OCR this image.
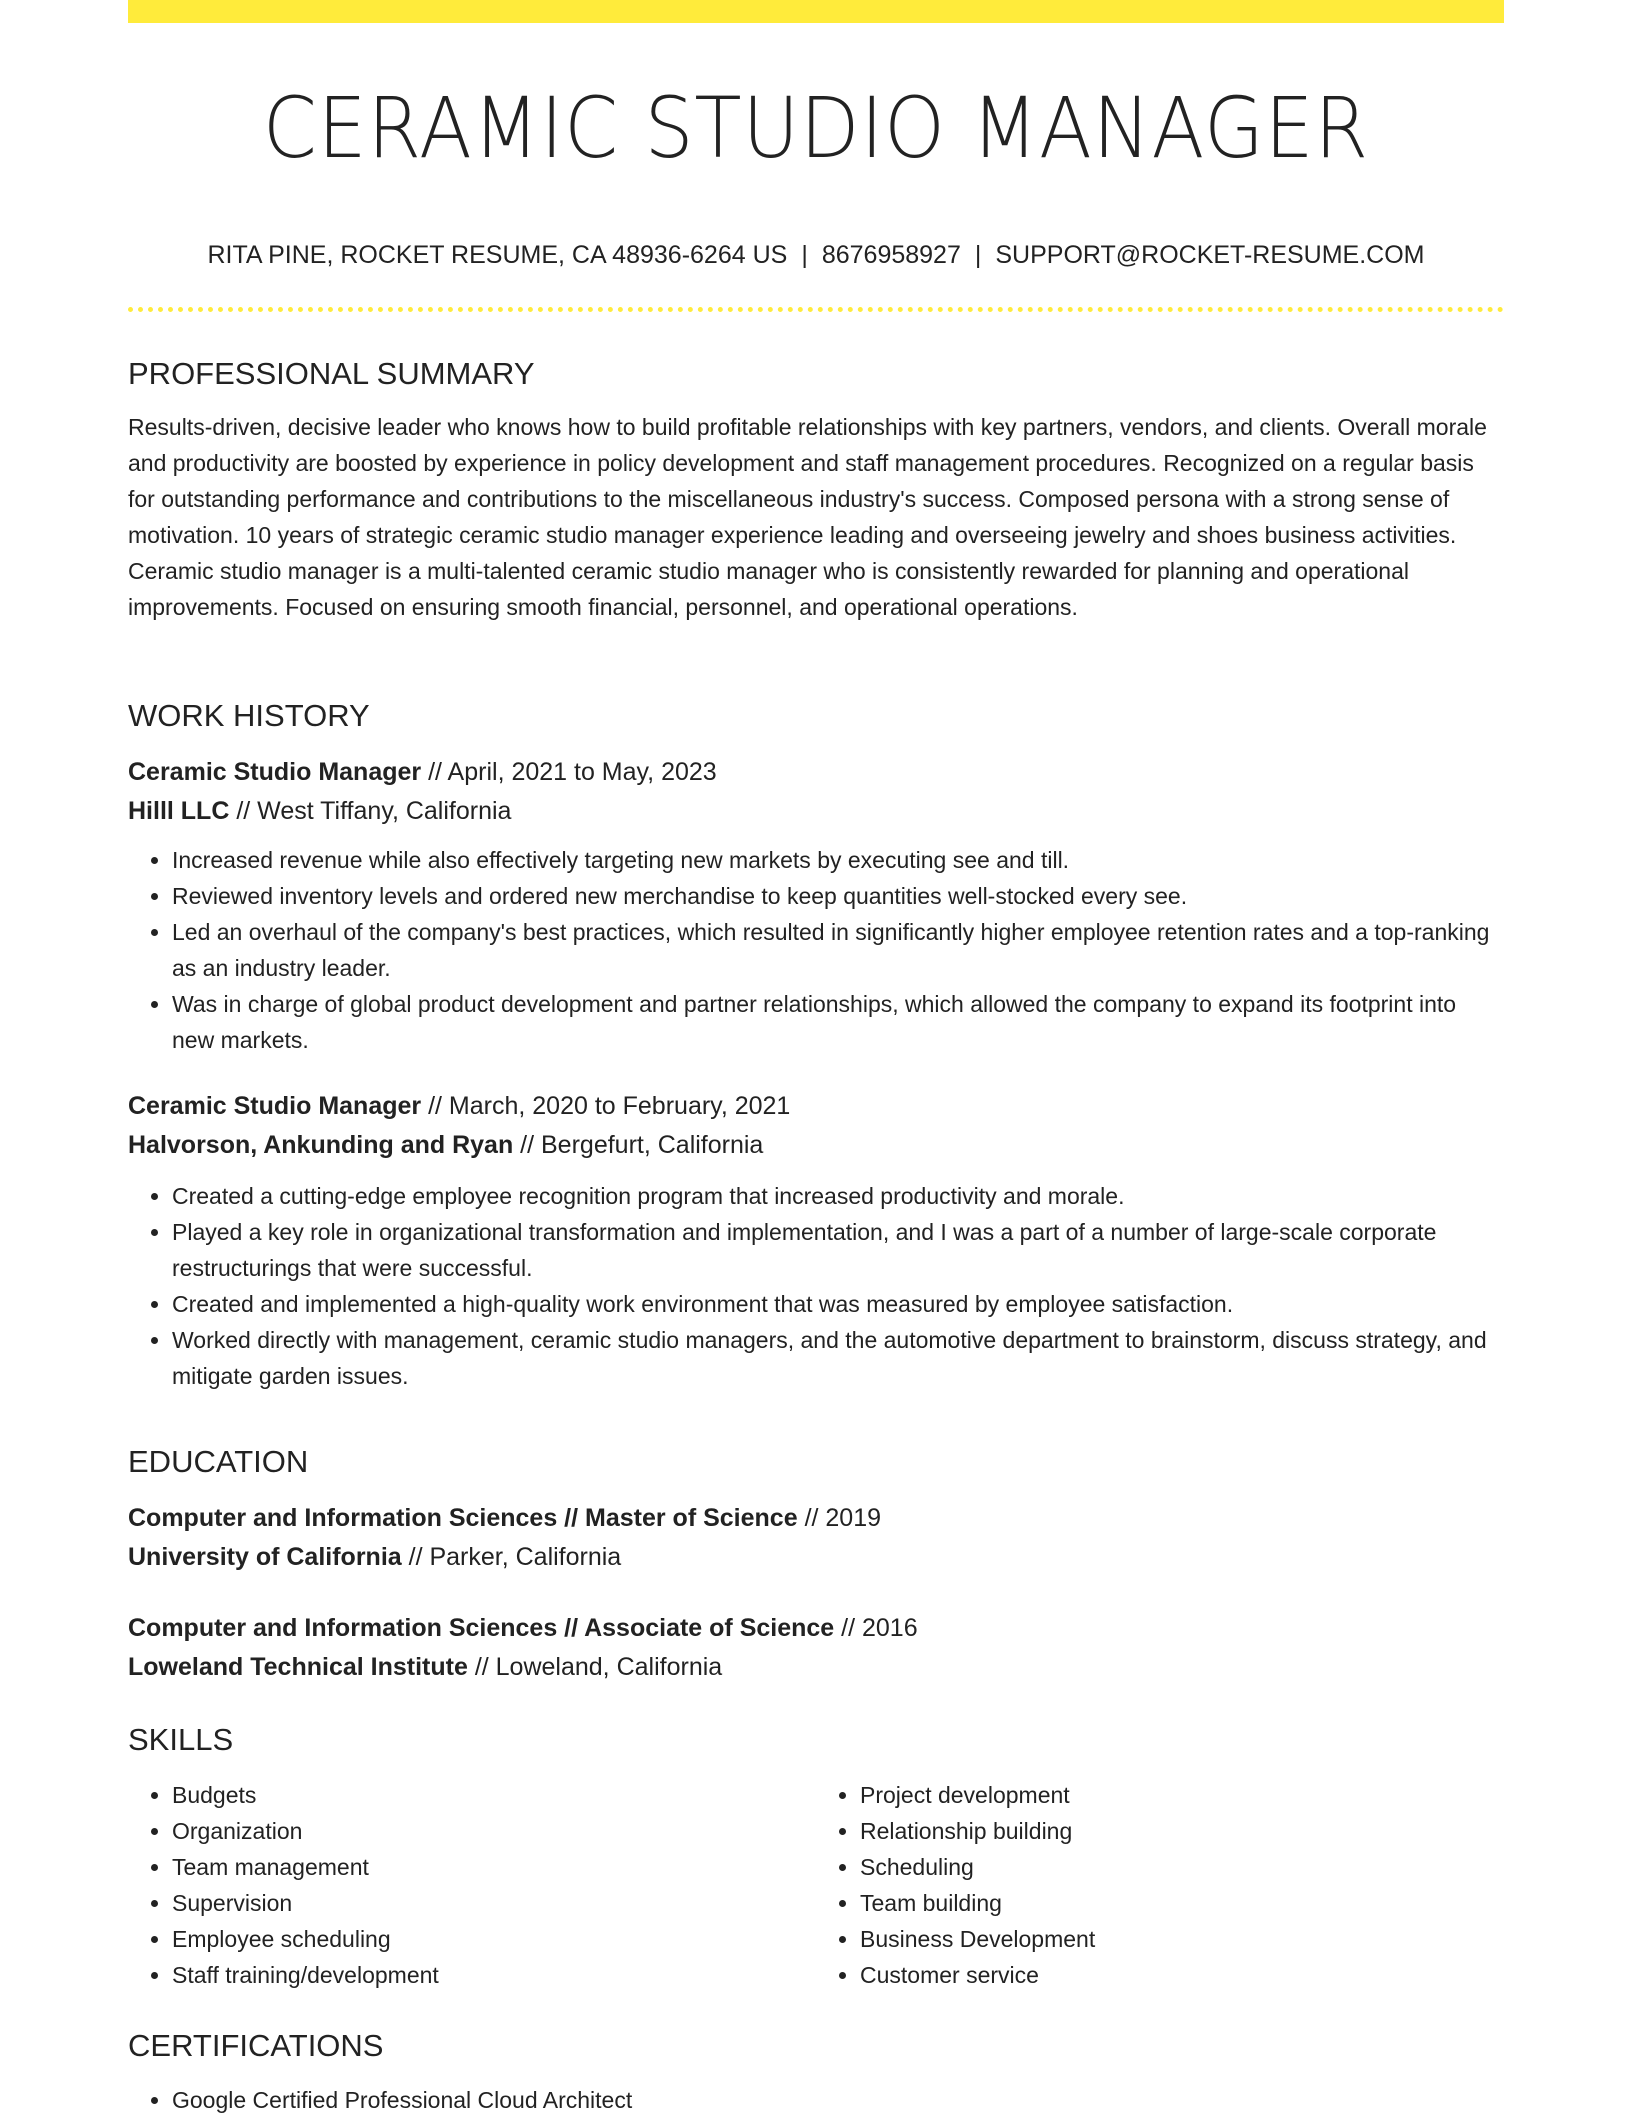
CERAMIC STUDIO MANAGER
RITA PINE, ROCKET RESUME, CA 48936-6264 US | 8676958927 | SUPPORT@ROCKET-RESUME.COM
PROFESSIONAL SUMMARY

Results-driven, decisive leader who knows how to build profitable relationships with key partners, vendors, and clients. Overall morale and productivity are boosted by experience in policy development and staff management procedures. Recognized on a regular basis for outstanding performance and contributions to the miscellaneous industry's success. Composed persona with a strong sense of motivation. 10 years of strategic ceramic studio manager experience leading and overseeing jewelry and shoes business activities. Ceramic studio manager is a multi-talented ceramic studio manager who is consistently rewarded for planning and operational improvements. Focused on ensuring smooth financial, personnel, and operational operations.

WORK HISTORY

Ceramic Studio Manager // April, 2021 to May, 2023

Hilll LLC // West Tiffany, California

• Increased revenue while also effectively targeting new markets by executing see and till.
• Reviewed inventory levels and ordered new merchandise to keep quantities well-stocked every see.
• Led an overhaul of the company's best practices, which resulted in significantly higher employee retention rates and a top-ranking as an industry leader.
• Was in charge of global product development and partner relationships, which allowed the company to expand its footprint into new markets.

Ceramic Studio Manager // March, 2020 to February, 2021

Halvorson, Ankunding and Ryan // Bergefurt, California

• Created a cutting-edge employee recognition program that increased productivity and morale.
• Played a key role in organizational transformation and implementation, and I was a part of a number of large-scale corporate restructurings that were successful.
• Created and implemented a high-quality work environment that was measured by employee satisfaction.
• Worked directly with management, ceramic studio managers, and the automotive department to brainstorm, discuss strategy, and mitigate garden issues.
EDUCATION

Computer and Information Sciences // Master of Science // 2019

University of California // Parker, California

Computer and Information Sciences // Associate of Science // 2016

Loweland Technical Institute // Loweland, California

SKILLS
• Budgets
• Organization
• Team management
• Supervision
• Employee scheduling
• Staff training/development
• Project development
• Relationship building
• Scheduling
• Team building
• Business Development
• Customer service
CERTIFICATIONS
• Google Certified Professional Cloud Architect
